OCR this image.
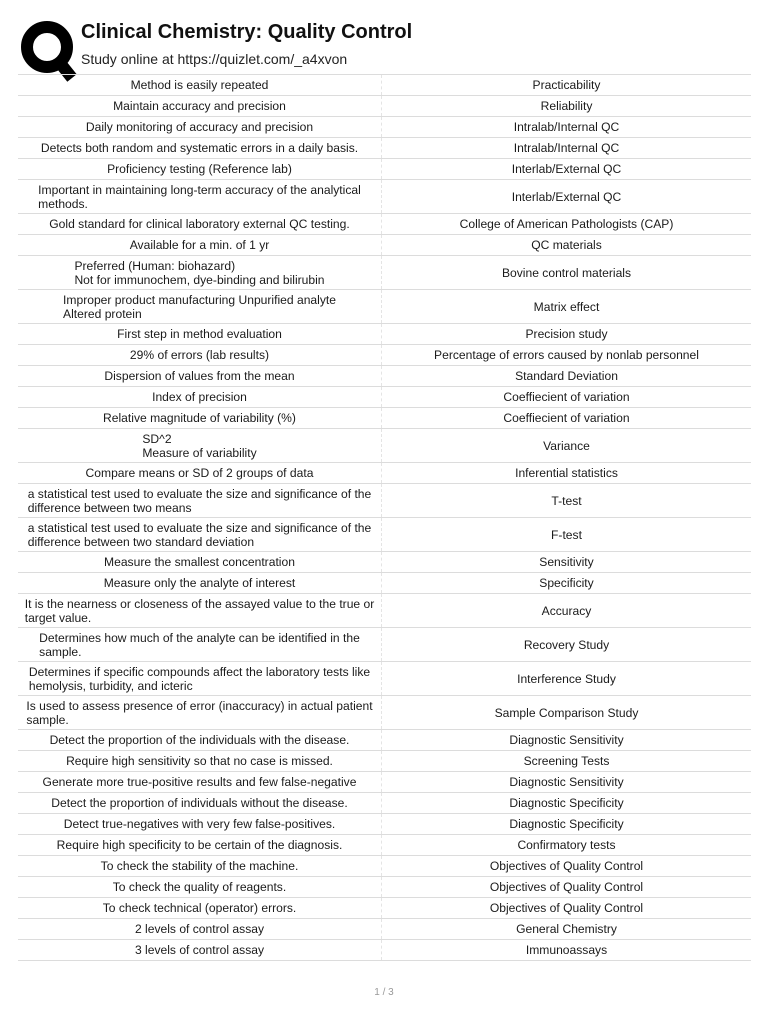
Clinical Chemistry: Quality Control
Study online at https://quizlet.com/_a4xvon
Method is easily repeated	Practicability
Maintain accuracy and precision	Reliability
Daily monitoring of accuracy and precision	Intralab/Internal QC
Detects both random and systematic errors in a daily basis.	Intralab/Internal QC
Proficiency testing (Reference lab)	Interlab/External QC
Important in maintaining long-term accuracy of the analytical
methods.	Interlab/External QC
Gold standard for clinical laboratory external QC testing.	College of American Pathologists (CAP)
Available for a min. of 1 yr	QC materials
Preferred (Human: biohazard)
Not for immunochem, dye-binding and bilirubin	Bovine control materials
Improper product manufacturing Unpurified analyte
Altered protein	Matrix effect
First step in method evaluation	Precision study
29% of errors (lab results)	Percentage of errors caused by nonlab personnel
Dispersion of values from the mean	Standard Deviation
Index of precision	Coeffiecient of variation
Relative magnitude of variability (%)	Coeffiecient of variation
SD^2
Measure of variability	Variance
Compare means or SD of 2 groups of data	Inferential statistics
a statistical test used to evaluate the size and significance of the
difference between two means	T-test
a statistical test used to evaluate the size and significance of the
difference between two standard deviation	F-test
Measure the smallest concentration	Sensitivity
Measure only the analyte of interest	Specificity
It is the nearness or closeness of the assayed value to the true or
target value.	Accuracy
Determines how much of the analyte can be identified in the
sample.	Recovery Study
Determines if specific compounds affect the laboratory tests like
hemolysis, turbidity, and icteric	Interference Study
Is used to assess presence of error (inaccuracy) in actual patient
sample.	Sample Comparison Study
Detect the proportion of the individuals with the disease.	Diagnostic Sensitivity
Require high sensitivity so that no case is missed.	Screening Tests
Generate more true-positive results and few false-negative	Diagnostic Sensitivity
Detect the proportion of individuals without the disease.	Diagnostic Specificity
Detect true-negatives with very few false-positives.	Diagnostic Specificity
Require high specificity to be certain of the diagnosis.	Confirmatory tests
To check the stability of the machine.	Objectives of Quality Control
To check the quality of reagents.	Objectives of Quality Control
To check technical (operator) errors.	Objectives of Quality Control
2 levels of control assay	General Chemistry
3 levels of control assay	Immunoassays
1 / 3
